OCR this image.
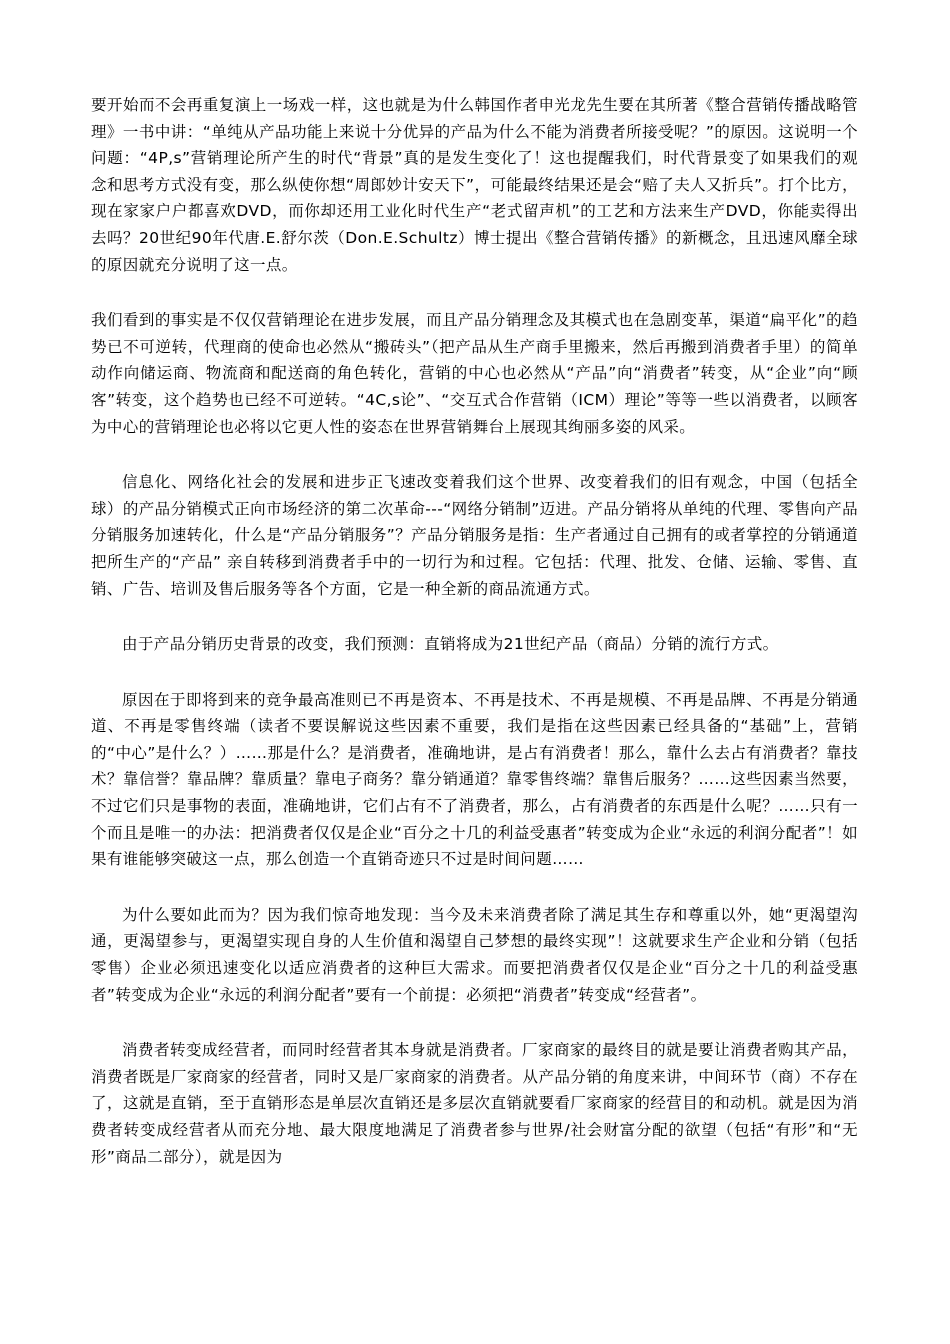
要开始而不会再重复演上一场戏一样，这也就是为什么韩国作者申光龙先生要在其所著《整合营销传播战略管理》一书中讲：“单纯从产品功能上来说十分优异的产品为什么不能为消费者所接受呢？”的原因。这说明一个问题：“4P,s”营销理论所产生的时代“背景”真的是发生变化了！这也提醒我们，时代背景变了如果我们的观念和思考方式没有变，那么纵使你想“周郎妙计安天下”，可能最终结果还是会“赔了夫人又折兵”。打个比方，现在家家户户都喜欢DVD，而你却还用工业化时代生产“老式留声机”的工艺和方法来生产DVD，你能卖得出去吗？20世纪90年代唐.E.舒尔茨（Don.E.Schultz）博士提出《整合营销传播》的新概念，且迅速风靡全球的原因就充分说明了这一点。

我们看到的事实是不仅仅营销理论在进步发展，而且产品分销理念及其模式也在急剧变革，渠道“扁平化”的趋势已不可逆转，代理商的使命也必然从“搬砖头”（把产品从生产商手里搬来，然后再搬到消费者手里）的简单动作向储运商、物流商和配送商的角色转化，营销的中心也必然从“产品”向“消费者”转变，从“企业”向“顾客”转变，这个趋势也已经不可逆转。“4C,s论”、“交互式合作营销（ICM）理论”等等一些以消费者，以顾客为中心的营销理论也必将以它更人性的姿态在世界营销舞台上展现其绚丽多姿的风采。

信息化、网络化社会的发展和进步正飞速改变着我们这个世界、改变着我们的旧有观念，中国（包括全球）的产品分销模式正向市场经济的第二次革命---“网络分销制”迈进。产品分销将从单纯的代理、零售向产品分销服务加速转化，什么是“产品分销服务”？产品分销服务是指：生产者通过自己拥有的或者掌控的分销通道把所生产的“产品” 亲自转移到消费者手中的一切行为和过程。它包括：代理、批发、仓储、运输、零售、直销、广告、培训及售后服务等各个方面，它是一种全新的商品流通方式。

由于产品分销历史背景的改变，我们预测：直销将成为21世纪产品（商品）分销的流行方式。

原因在于即将到来的竞争最高准则已不再是资本、不再是技术、不再是规模、不再是品牌、不再是分销通道、不再是零售终端（读者不要误解说这些因素不重要，我们是指在这些因素已经具备的“基础”上，营销的“中心”是什么？）……那是什么？是消费者，准确地讲，是占有消费者！那么，靠什么去占有消费者？靠技术？靠信誉？靠品牌？靠质量？靠电子商务？靠分销通道？靠零售终端？靠售后服务？……这些因素当然要，不过它们只是事物的表面，准确地讲，它们占有不了消费者，那么，占有消费者的东西是什么呢？……只有一个而且是唯一的办法：把消费者仅仅是企业“百分之十几的利益受惠者”转变成为企业“永远的利润分配者”！如果有谁能够突破这一点，那么创造一个直销奇迹只不过是时间问题……

为什么要如此而为？因为我们惊奇地发现：当今及未来消费者除了满足其生存和尊重以外，她“更渴望沟通，更渴望参与，更渴望实现自身的人生价值和渴望自己梦想的最终实现”！这就要求生产企业和分销（包括零售）企业必须迅速变化以适应消费者的这种巨大需求。而要把消费者仅仅是企业“百分之十几的利益受惠者”转变成为企业“永远的利润分配者”要有一个前提：必须把“消费者”转变成“经营者”。

消费者转变成经营者，而同时经营者其本身就是消费者。厂家商家的最终目的就是要让消费者购其产品，消费者既是厂家商家的经营者，同时又是厂家商家的消费者。从产品分销的角度来讲，中间环节（商）不存在了，这就是直销，至于直销形态是单层次直销还是多层次直销就要看厂家商家的经营目的和动机。就是因为消费者转变成经营者从而充分地、最大限度地满足了消费者参与世界/社会财富分配的欲望（包括“有形”和“无形”商品二部分），就是因为
